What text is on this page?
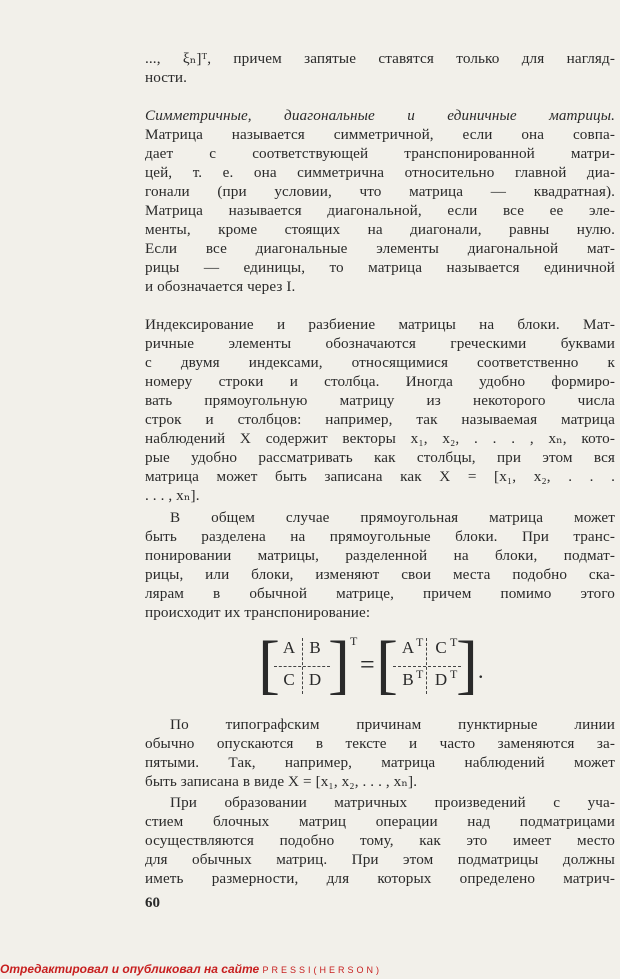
..., ξₙ]ᵀ, причем запятые ставятся только для нагляд-
ности.
Симметричные, диагональные и единичные матрицы.
Матрица называется симметричной, если она совпа-
дает с соответствующей транспонированной матри-
цей, т. е. она симметрична относительно главной диа-
гонали (при условии, что матрица — квадратная).
Матрица называется диагональной, если все ее эле-
менты, кроме стоящих на диагонали, равны нулю.
Если все диагональные элементы диагональной мат-
рицы — единицы, то матрица называется единичной
и обозначается через I.
Индексирование и разбиение матрицы на блоки. Мат-
ричные элементы обозначаются греческими буквами
с двумя индексами, относящимися соответственно к
номеру строки и столбца. Иногда удобно формиро-
вать прямоугольную матрицу из некоторого числа
строк и столбцов: например, так называемая матрица
наблюдений X содержит векторы x₁, x₂, . . . , xₙ, кото-
рые удобно рассматривать как столбцы, при этом вся
матрица может быть записана как X = [x₁, x₂, . . .
. . . , xₙ].
В общем случае прямоугольная матрица может
быть разделена на прямоугольные блоки. При транс-
понировании матрицы, разделенной на блоки, подмат-
рицы, или блоки, изменяют свои места подобно ска-
лярам в обычной матрице, причем помимо этого
происходит их транспонирование:
[ A B
C D ] T
= [ A T C T
B T D T
] .
По типографским причинам пунктирные линии
обычно опускаются в тексте и часто заменяются за-
пятыми. Так, например, матрица наблюдений может
быть записана в виде X = [x₁, x₂, . . . , xₙ].
При образовании матричных произведений с уча-
стием блочных матриц операции над подматрицами
осуществляются подобно тому, как это имеет место
для обычных матриц. При этом подматрицы должны
иметь размерности, для которых определено матрич-
60
Отредактировал и опубликовал на сайте PRESSI(HERSON)
